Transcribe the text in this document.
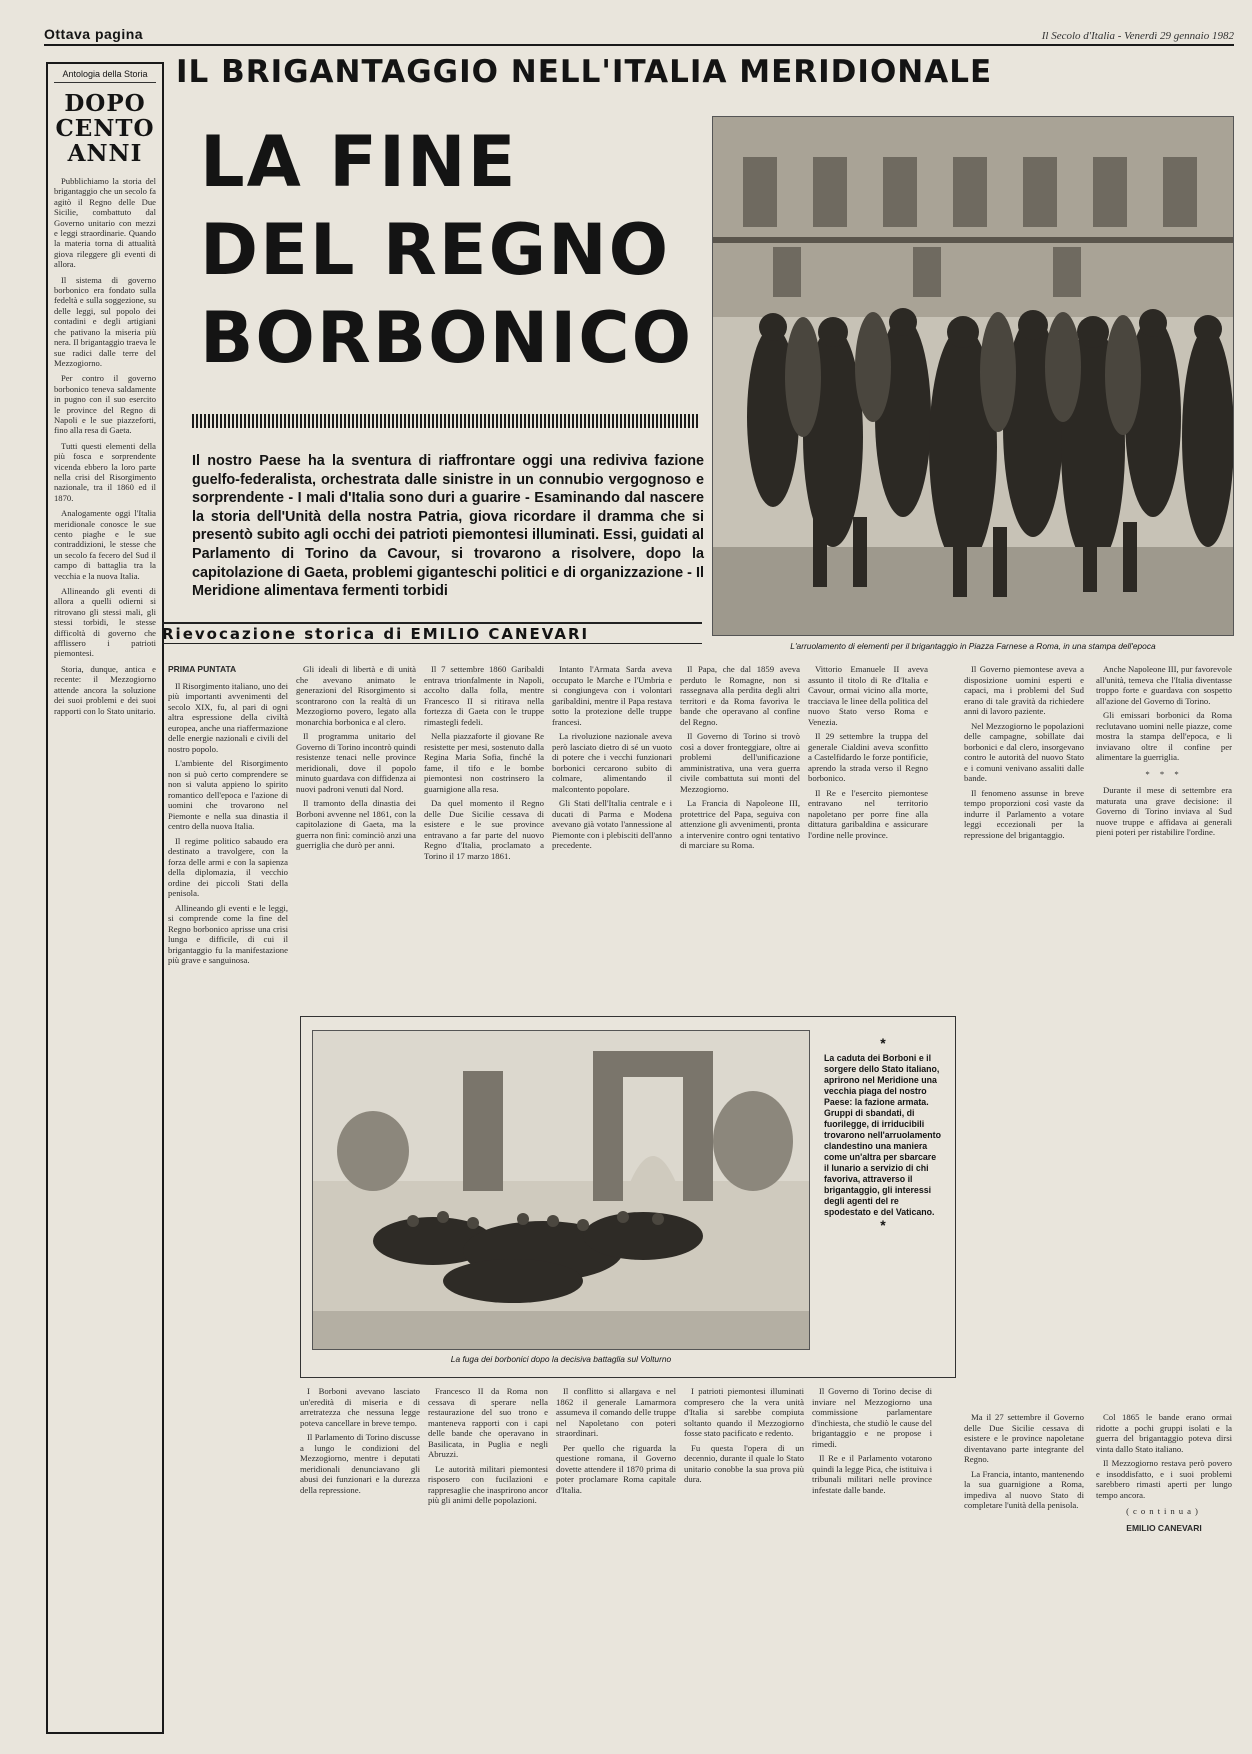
Ottava pagina	Il Secolo d'Italia - Venerdì 29 gennaio 1982
Antologia della Storia
DOPO CENTO ANNI

Pubblichiamo la storia del brigantaggio che un secolo fa agitò il Regno delle Due Sicilie, combattuto dal Governo unitario con mezzi e leggi straordinarie. Quando la materia torna di attualità giova rileggere gli eventi di allora.

Il sistema di governo borbonico era fondato sulla fedeltà e sulla soggezione, su delle leggi, sul popolo dei contadini e degli artigiani che pativano la miseria più nera. Il brigantaggio traeva le sue radici dalle terre del Mezzogiorno.

Per contro il governo borbonico teneva saldamente in pugno con il suo esercito le province del Regno di Napoli e le sue piazzeforti, fino alla resa di Gaeta.

Tutti questi elementi della più fosca e sorprendente vicenda ebbero la loro parte nella crisi del Risorgimento nazionale, tra il 1860 ed il 1870.

Analogamente oggi l'Italia meridionale conosce le sue cento piaghe e le sue contraddizioni, le stesse che un secolo fa fecero del Sud il campo di battaglia tra la vecchia e la nuova Italia.

Allineando gli eventi di allora a quelli odierni si ritrovano gli stessi mali, gli stessi torbidi, le stesse difficoltà di governo che afflissero i patrioti piemontesi.

Storia, dunque, antica e recente: il Mezzogiorno attende ancora la soluzione dei suoi problemi e dei suoi rapporti con lo Stato unitario.

IL BRIGANTAGGIO NELL'ITALIA MERIDIONALE
LA FINE
DEL REGNO
BORBONICO
Il nostro Paese ha la sventura di riaffrontare oggi una rediviva fazione guelfo-federalista, orchestrata dalle sinistre in un connubio vergognoso e sorprendente - I mali d'Italia sono duri a guarire - Esaminando dal nascere la storia dell'Unità della nostra Patria, giova ricordare il dramma che si presentò subito agli occhi dei patrioti piemontesi illuminati. Essi, guidati al Parlamento di Torino da Cavour, si trovarono a risolvere, dopo la capitolazione di Gaeta, problemi giganteschi politici e di organizzazione - Il Meridione alimentava fermenti torbidi
L'arruolamento di elementi per il brigantaggio in Piazza Farnese a Roma, in una stampa dell'epoca
Rievocazione storica di EMILIO CANEVARI

PRIMA PUNTATA

Il Risorgimento italiano, uno dei più importanti avvenimenti del secolo XIX, fu, al pari di ogni altra espressione della civiltà europea, anche una riaffermazione delle energie nazionali e civili del nostro popolo.

L'ambiente del Risorgimento non si può certo comprendere se non si valuta appieno lo spirito romantico dell'epoca e l'azione di uomini che trovarono nel Piemonte e nella sua dinastia il centro della nuova Italia.

Il regime politico sabaudo era destinato a travolgere, con la forza delle armi e con la sapienza della diplomazia, il vecchio ordine dei piccoli Stati della penisola.

Allineando gli eventi e le leggi, si comprende come la fine del Regno borbonico aprisse una crisi lunga e difficile, di cui il brigantaggio fu la manifestazione più grave e sanguinosa.

Gli ideali di libertà e di unità che avevano animato le generazioni del Risorgimento si scontrarono con la realtà di un Mezzogiorno povero, legato alla monarchia borbonica e al clero.

Il programma unitario del Governo di Torino incontrò quindi resistenze tenaci nelle province meridionali, dove il popolo minuto guardava con diffidenza ai nuovi padroni venuti dal Nord.

Il tramonto della dinastia dei Borboni avvenne nel 1861, con la capitolazione di Gaeta, ma la guerra non finì: cominciò anzi una guerriglia che durò per anni.

Il 7 settembre 1860 Garibaldi entrava trionfalmente in Napoli, accolto dalla folla, mentre Francesco II si ritirava nella fortezza di Gaeta con le truppe rimastegli fedeli.

Nella piazzaforte il giovane Re resistette per mesi, sostenuto dalla Regina Maria Sofia, finché la fame, il tifo e le bombe piemontesi non costrinsero la guarnigione alla resa.

Da quel momento il Regno delle Due Sicilie cessava di esistere e le sue province entravano a far parte del nuovo Regno d'Italia, proclamato a Torino il 17 marzo 1861.

Intanto l'Armata Sarda aveva occupato le Marche e l'Umbria e si congiungeva con i volontari garibaldini, mentre il Papa restava sotto la protezione delle truppe francesi.

La rivoluzione nazionale aveva però lasciato dietro di sé un vuoto di potere che i vecchi funzionari borbonici cercarono subito di colmare, alimentando il malcontento popolare.

Gli Stati dell'Italia centrale e i ducati di Parma e Modena avevano già votato l'annessione al Piemonte con i plebisciti dell'anno precedente.

Il Papa, che dal 1859 aveva perduto le Romagne, non si rassegnava alla perdita degli altri territori e da Roma favoriva le bande che operavano al confine del Regno.

Il Governo di Torino si trovò così a dover fronteggiare, oltre ai problemi dell'unificazione amministrativa, una vera guerra civile combattuta sui monti del Mezzogiorno.

La Francia di Napoleone III, protettrice del Papa, seguiva con attenzione gli avvenimenti, pronta a intervenire contro ogni tentativo di marciare su Roma.

Vittorio Emanuele II aveva assunto il titolo di Re d'Italia e Cavour, ormai vicino alla morte, tracciava le linee della politica del nuovo Stato verso Roma e Venezia.

Il 29 settembre la truppa del generale Cialdini aveva sconfitto a Castelfidardo le forze pontificie, aprendo la strada verso il Regno borbonico.

Il Re e l'esercito piemontese entravano nel territorio napoletano per porre fine alla dittatura garibaldina e assicurare l'ordine nelle province.

Il Governo piemontese aveva a disposizione uomini esperti e capaci, ma i problemi del Sud erano di tale gravità da richiedere anni di lavoro paziente.

Nel Mezzogiorno le popolazioni delle campagne, sobillate dai borbonici e dal clero, insorgevano contro le autorità del nuovo Stato e i comuni venivano assaliti dalle bande.

Il fenomeno assunse in breve tempo proporzioni così vaste da indurre il Parlamento a votare leggi eccezionali per la repressione del brigantaggio.

Anche Napoleone III, pur favorevole all'unità, temeva che l'Italia diventasse troppo forte e guardava con sospetto all'azione del Governo di Torino.

Gli emissari borbonici da Roma reclutavano uomini nelle piazze, come mostra la stampa dell'epoca, e li inviavano oltre il confine per alimentare la guerriglia.

* * *

Durante il mese di settembre era maturata una grave decisione: il Governo di Torino inviava al Sud nuove truppe e affidava ai generali pieni poteri per ristabilire l'ordine.

La fuga dei borbonici dopo la decisiva battaglia sul Volturno
*
La caduta dei Borboni e il sorgere dello Stato italiano, aprirono nel Meridione una vecchia piaga del nostro Paese: la fazione armata. Gruppi di sbandati, di fuorilegge, di irriducibili trovarono nell'arruolamento clandestino una maniera come un'altra per sbarcare il lunario a servizio di chi favoriva, attraverso il brigantaggio, gli interessi degli agenti del re spodestato e del Vaticano.
*

I Borboni avevano lasciato un'eredità di miseria e di arretratezza che nessuna legge poteva cancellare in breve tempo.

Il Parlamento di Torino discusse a lungo le condizioni del Mezzogiorno, mentre i deputati meridionali denunciavano gli abusi dei funzionari e la durezza della repressione.

Francesco II da Roma non cessava di sperare nella restaurazione del suo trono e manteneva rapporti con i capi delle bande che operavano in Basilicata, in Puglia e negli Abruzzi.

Le autorità militari piemontesi risposero con fucilazioni e rappresaglie che inasprirono ancor più gli animi delle popolazioni.

Il conflitto si allargava e nel 1862 il generale Lamarmora assumeva il comando delle truppe nel Napoletano con poteri straordinari.

Per quello che riguarda la questione romana, il Governo dovette attendere il 1870 prima di poter proclamare Roma capitale d'Italia.

I patrioti piemontesi illuminati compresero che la vera unità d'Italia si sarebbe compiuta soltanto quando il Mezzogiorno fosse stato pacificato e redento.

Fu questa l'opera di un decennio, durante il quale lo Stato unitario conobbe la sua prova più dura.

Il Governo di Torino decise di inviare nel Mezzogiorno una commissione parlamentare d'inchiesta, che studiò le cause del brigantaggio e ne propose i rimedi.

Il Re e il Parlamento votarono quindi la legge Pica, che istituiva i tribunali militari nelle province infestate dalle bande.

Ma il 27 settembre il Governo delle Due Sicilie cessava di esistere e le province napoletane diventavano parte integrante del Regno.

La Francia, intanto, mantenendo la sua guarnigione a Roma, impediva al nuovo Stato di completare l'unità della penisola.

Col 1865 le bande erano ormai ridotte a pochi gruppi isolati e la guerra del brigantaggio poteva dirsi vinta dallo Stato italiano.

Il Mezzogiorno restava però povero e insoddisfatto, e i suoi problemi sarebbero rimasti aperti per lungo tempo ancora.

(continua)

EMILIO CANEVARI
